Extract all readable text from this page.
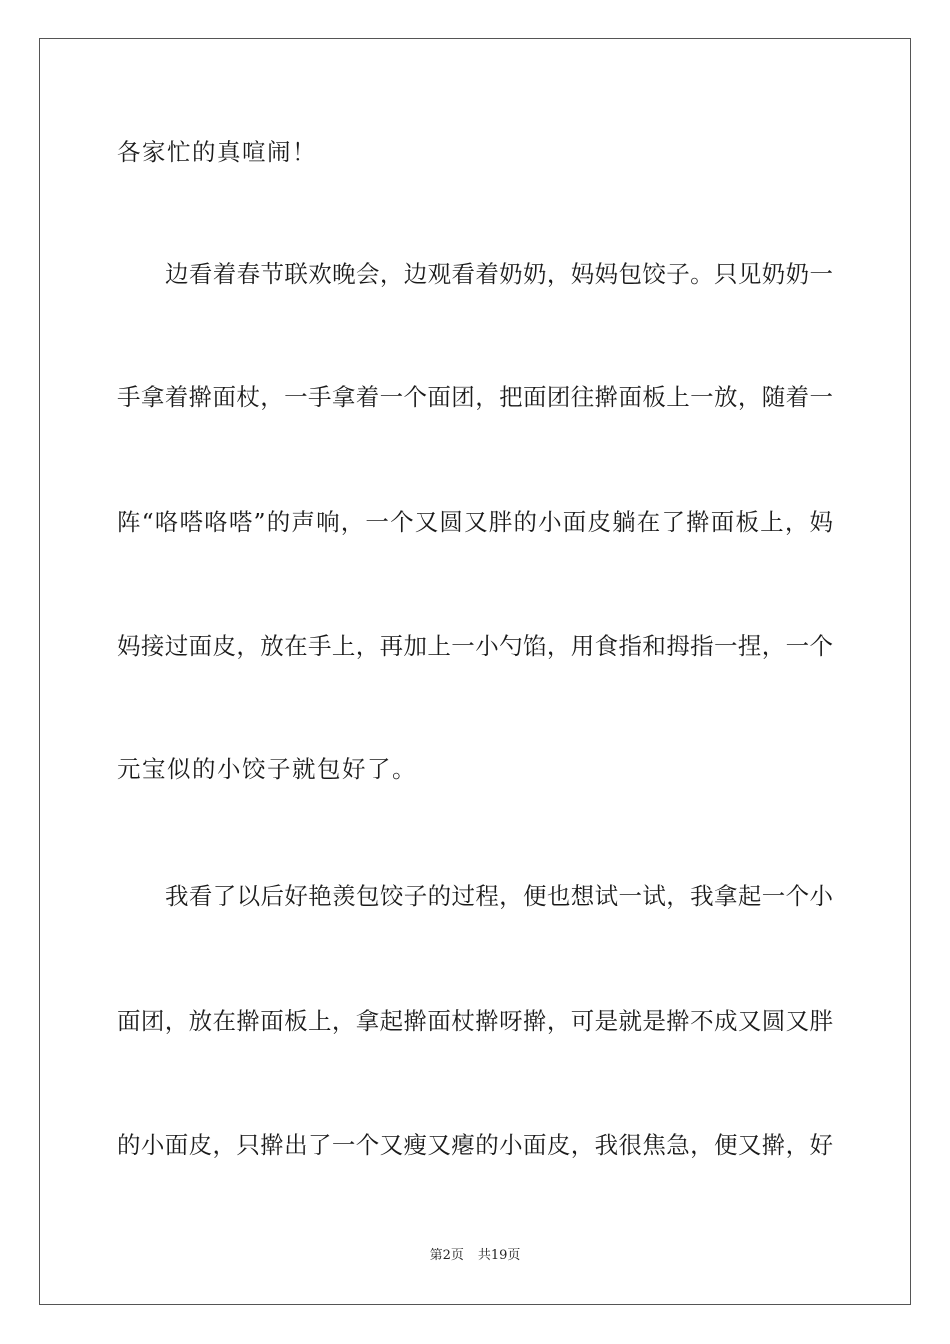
各家忙的真喧闹！
边看着春节联欢晚会，边观看着奶奶，妈妈包饺子。只见奶奶一
手拿着擀面杖，一手拿着一个面团，把面团往擀面板上一放，随着一
阵“咯嗒咯嗒”的声响，一个又圆又胖的小面皮躺在了擀面板上，妈
妈接过面皮，放在手上，再加上一小勺馅，用食指和拇指一捏，一个
元宝似的小饺子就包好了。
我看了以后好艳羡包饺子的过程，便也想试一试，我拿起一个小
面团，放在擀面板上，拿起擀面杖擀呀擀，可是就是擀不成又圆又胖
的小面皮，只擀出了一个又瘦又瘪的小面皮，我很焦急，便又擀，好
第2页 共19页
